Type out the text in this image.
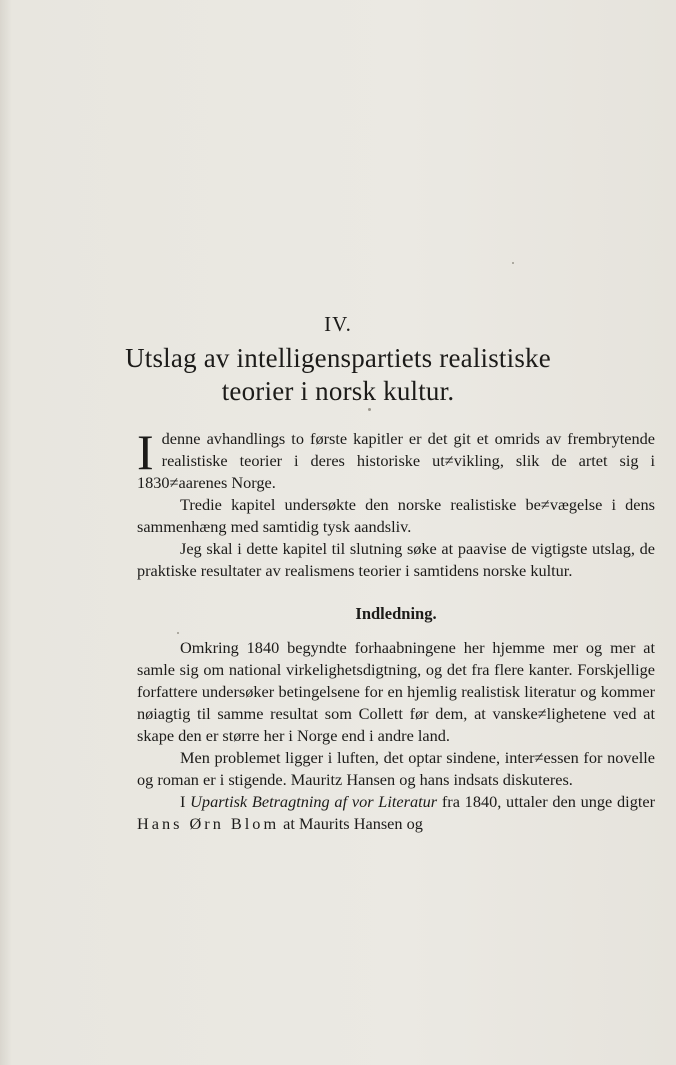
IV.
Utslag av intelligenspartiets realistiske
teorier i norsk kultur.

Idenne avhandlings to første kapitler er det git et omrids av frembrytende realistiske teorier i deres historiske ut≠vikling, slik de artet sig i 1830≠aarenes Norge.

Tredie kapitel undersøkte den norske realistiske be≠vægelse i dens sammenhæng med samtidig tysk aandsliv.

Jeg skal i dette kapitel til slutning søke at paavise de vigtigste utslag, de praktiske resultater av realismens teorier i samtidens norske kultur.

Indledning.

Omkring 1840 begyndte forhaabningene her hjemme mer og mer at samle sig om national virkelighetsdigtning, og det fra flere kanter. Forskjellige forfattere undersøker betingelsene for en hjemlig realistisk literatur og kommer nøiagtig til samme resultat som Collett før dem, at vanske≠lighetene ved at skape den er større her i Norge end i andre land.

Men problemet ligger i luften, det optar sindene, inter≠essen for novelle og roman er i stigende. Mauritz Hansen og hans indsats diskuteres.

I Upartisk Betragtning af vor Literatur fra 1840, uttaler den unge digter Hans Ørn Blom at Maurits Hansen og
